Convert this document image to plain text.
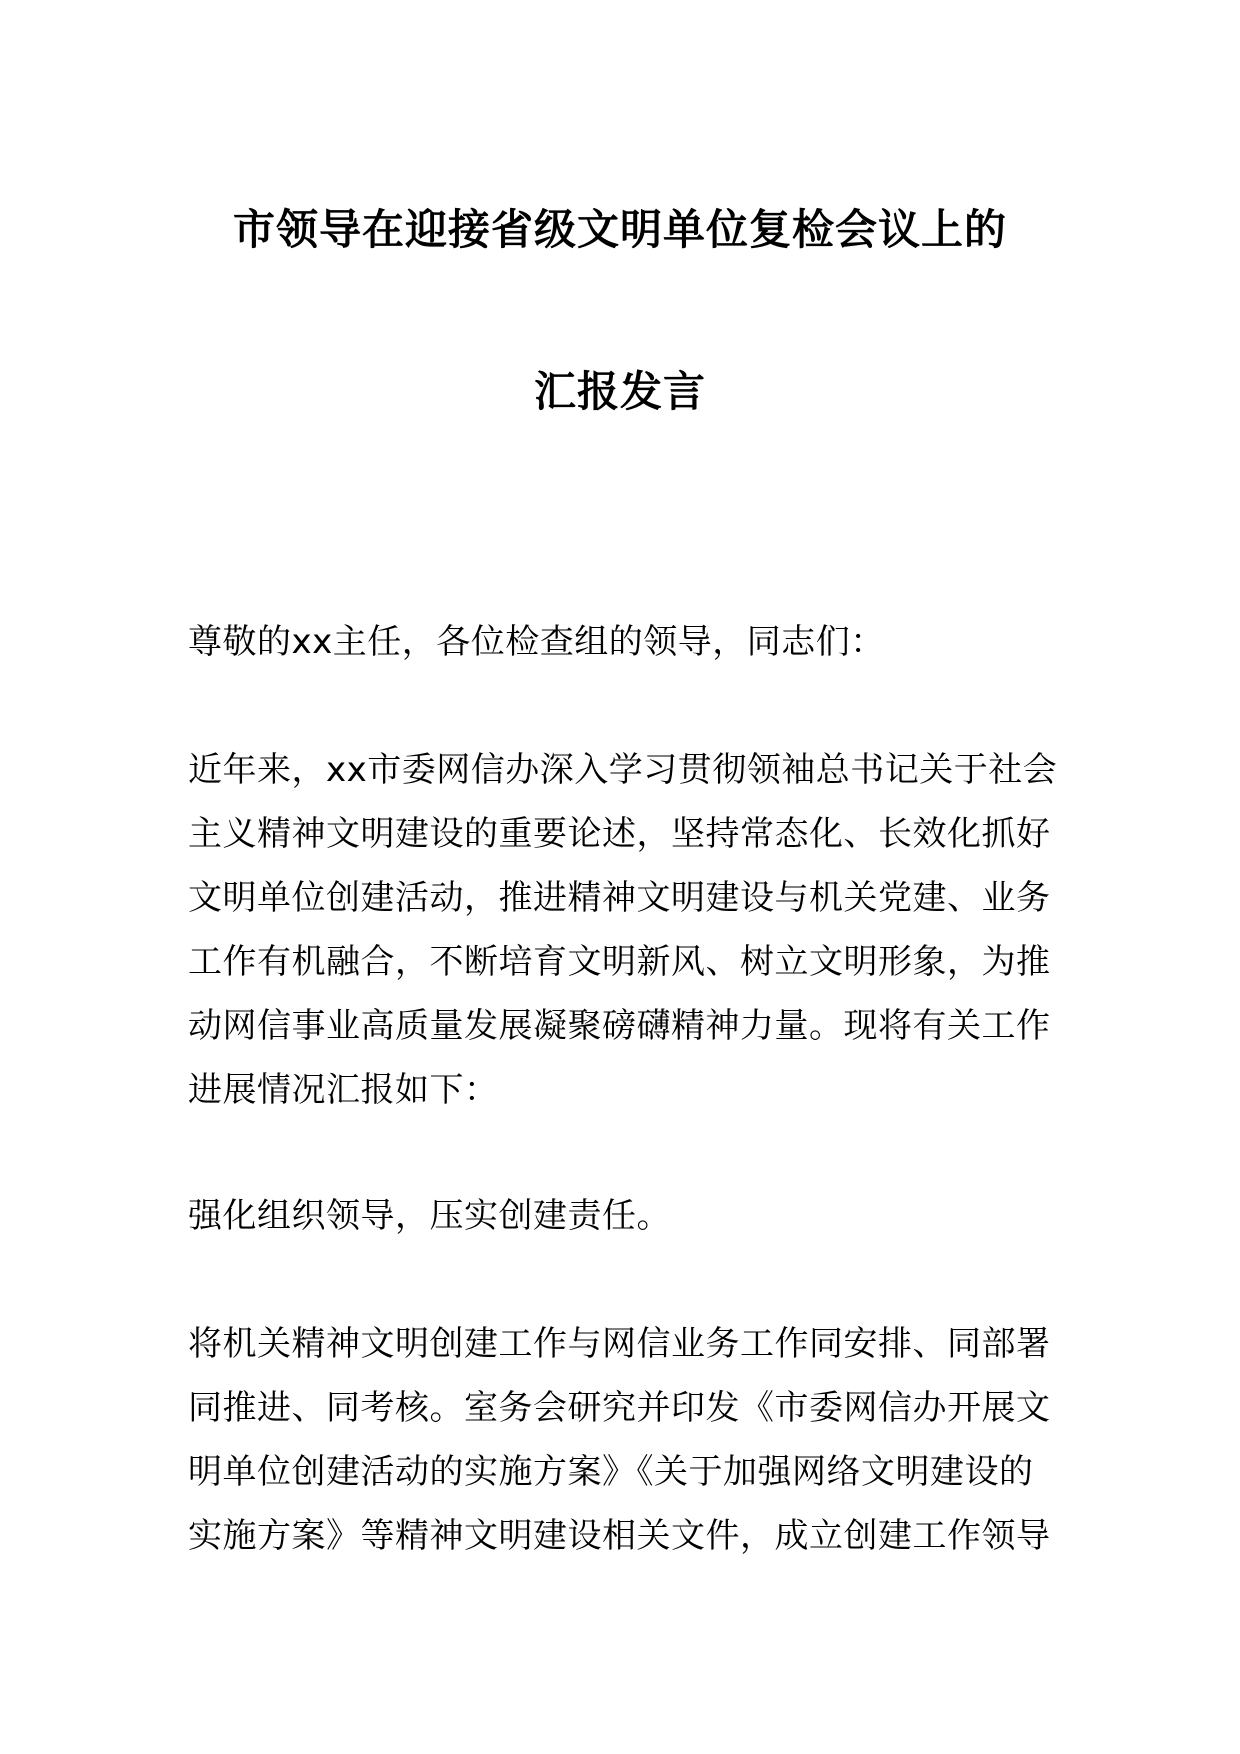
市领导在迎接省级文明单位复检会议上的
汇报发言
尊敬的xx主任，各位检查组的领导，同志们：
近年来，xx市委网信办深入学习贯彻领袖总书记关于社会
主义精神文明建设的重要论述，坚持常态化、长效化抓好
文明单位创建活动，推进精神文明建设与机关党建、业务
工作有机融合，不断培育文明新风、树立文明形象，为推
动网信事业高质量发展凝聚磅礴精神力量。现将有关工作
进展情况汇报如下：
强化组织领导，压实创建责任。
将机关精神文明创建工作与网信业务工作同安排、同部署
同推进、同考核。室务会研究并印发《市委网信办开展文
明单位创建活动的实施方案》《关于加强网络文明建设的
实施方案》等精神文明建设相关文件，成立创建工作领导
